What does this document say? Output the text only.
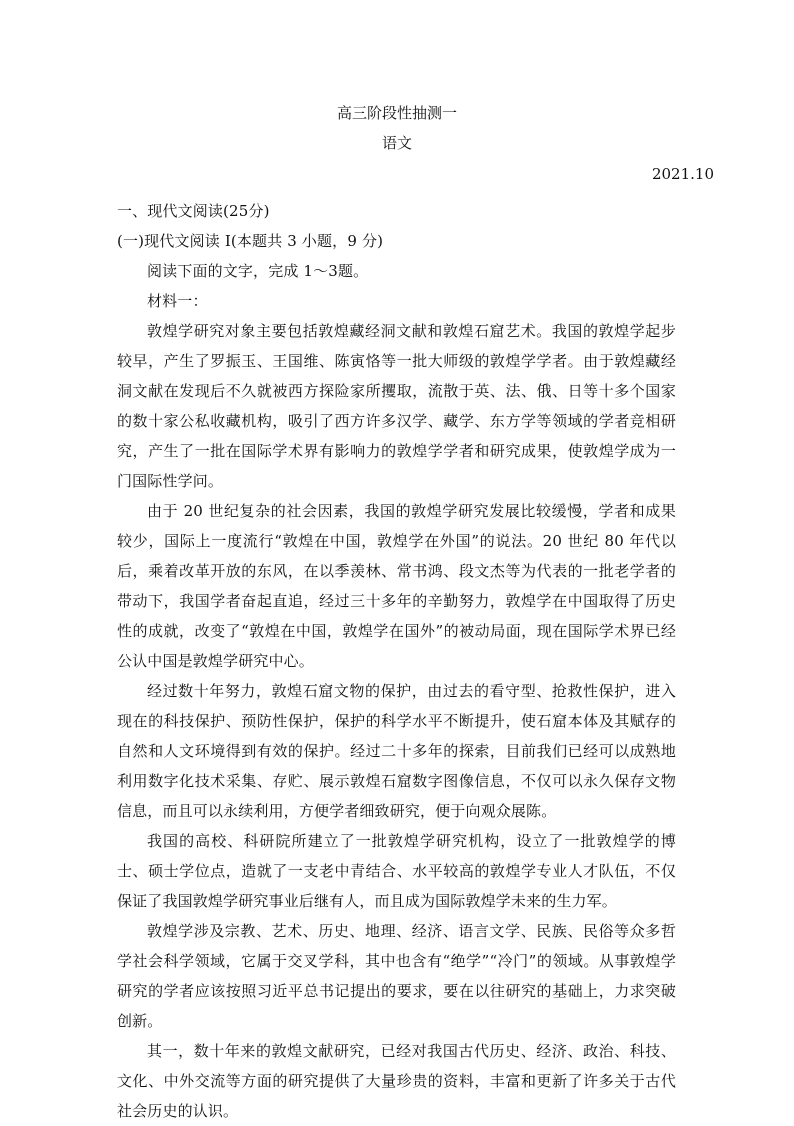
高三阶段性抽测一
语文
2021.10

一、现代文阅读(25分)

(一)现代文阅读 I(本题共 3 小题，9 分)

阅读下面的文字，完成 1～3题。

材料一：

敦煌学研究对象主要包括敦煌藏经洞文献和敦煌石窟艺术。我国的敦煌学起步较早，产生了罗振玉、王国维、陈寅恪等一批大师级的敦煌学学者。由于敦煌藏经洞文献在发现后不久就被西方探险家所攫取，流散于英、法、俄、日等十多个国家的数十家公私收藏机构，吸引了西方许多汉学、藏学、东方学等领域的学者竞相研究，产生了一批在国际学术界有影响力的敦煌学学者和研究成果，使敦煌学成为一门国际性学问。

由于 20 世纪复杂的社会因素，我国的敦煌学研究发展比较缓慢，学者和成果较少，国际上一度流行“敦煌在中国，敦煌学在外国”的说法。20 世纪 80 年代以后，乘着改革开放的东风，在以季羡林、常书鸿、段文杰等为代表的一批老学者的带动下，我国学者奋起直追，经过三十多年的辛勤努力，敦煌学在中国取得了历史性的成就，改变了“敦煌在中国，敦煌学在国外”的被动局面，现在国际学术界已经公认中国是敦煌学研究中心。

经过数十年努力，敦煌石窟文物的保护，由过去的看守型、抢救性保护，进入现在的科技保护、预防性保护，保护的科学水平不断提升，使石窟本体及其赋存的自然和人文环境得到有效的保护。经过二十多年的探索，目前我们已经可以成熟地利用数字化技术采集、存贮、展示敦煌石窟数字图像信息，不仅可以永久保存文物信息，而且可以永续利用，方便学者细致研究，便于向观众展陈。

我国的高校、科研院所建立了一批敦煌学研究机构，设立了一批敦煌学的博士、硕士学位点，造就了一支老中青结合、水平较高的敦煌学专业人才队伍，不仅保证了我国敦煌学研究事业后继有人，而且成为国际敦煌学未来的生力军。

敦煌学涉及宗教、艺术、历史、地理、经济、语言文学、民族、民俗等众多哲学社会科学领域，它属于交叉学科，其中也含有“绝学”“冷门”的领域。从事敦煌学研究的学者应该按照习近平总书记提出的要求，要在以往研究的基础上，力求突破创新。

其一，数十年来的敦煌文献研究，已经对我国古代历史、经济、政治、科技、文化、中外交流等方面的研究提供了大量珍贵的资料，丰富和更新了许多关于古代社会历史的认识。
